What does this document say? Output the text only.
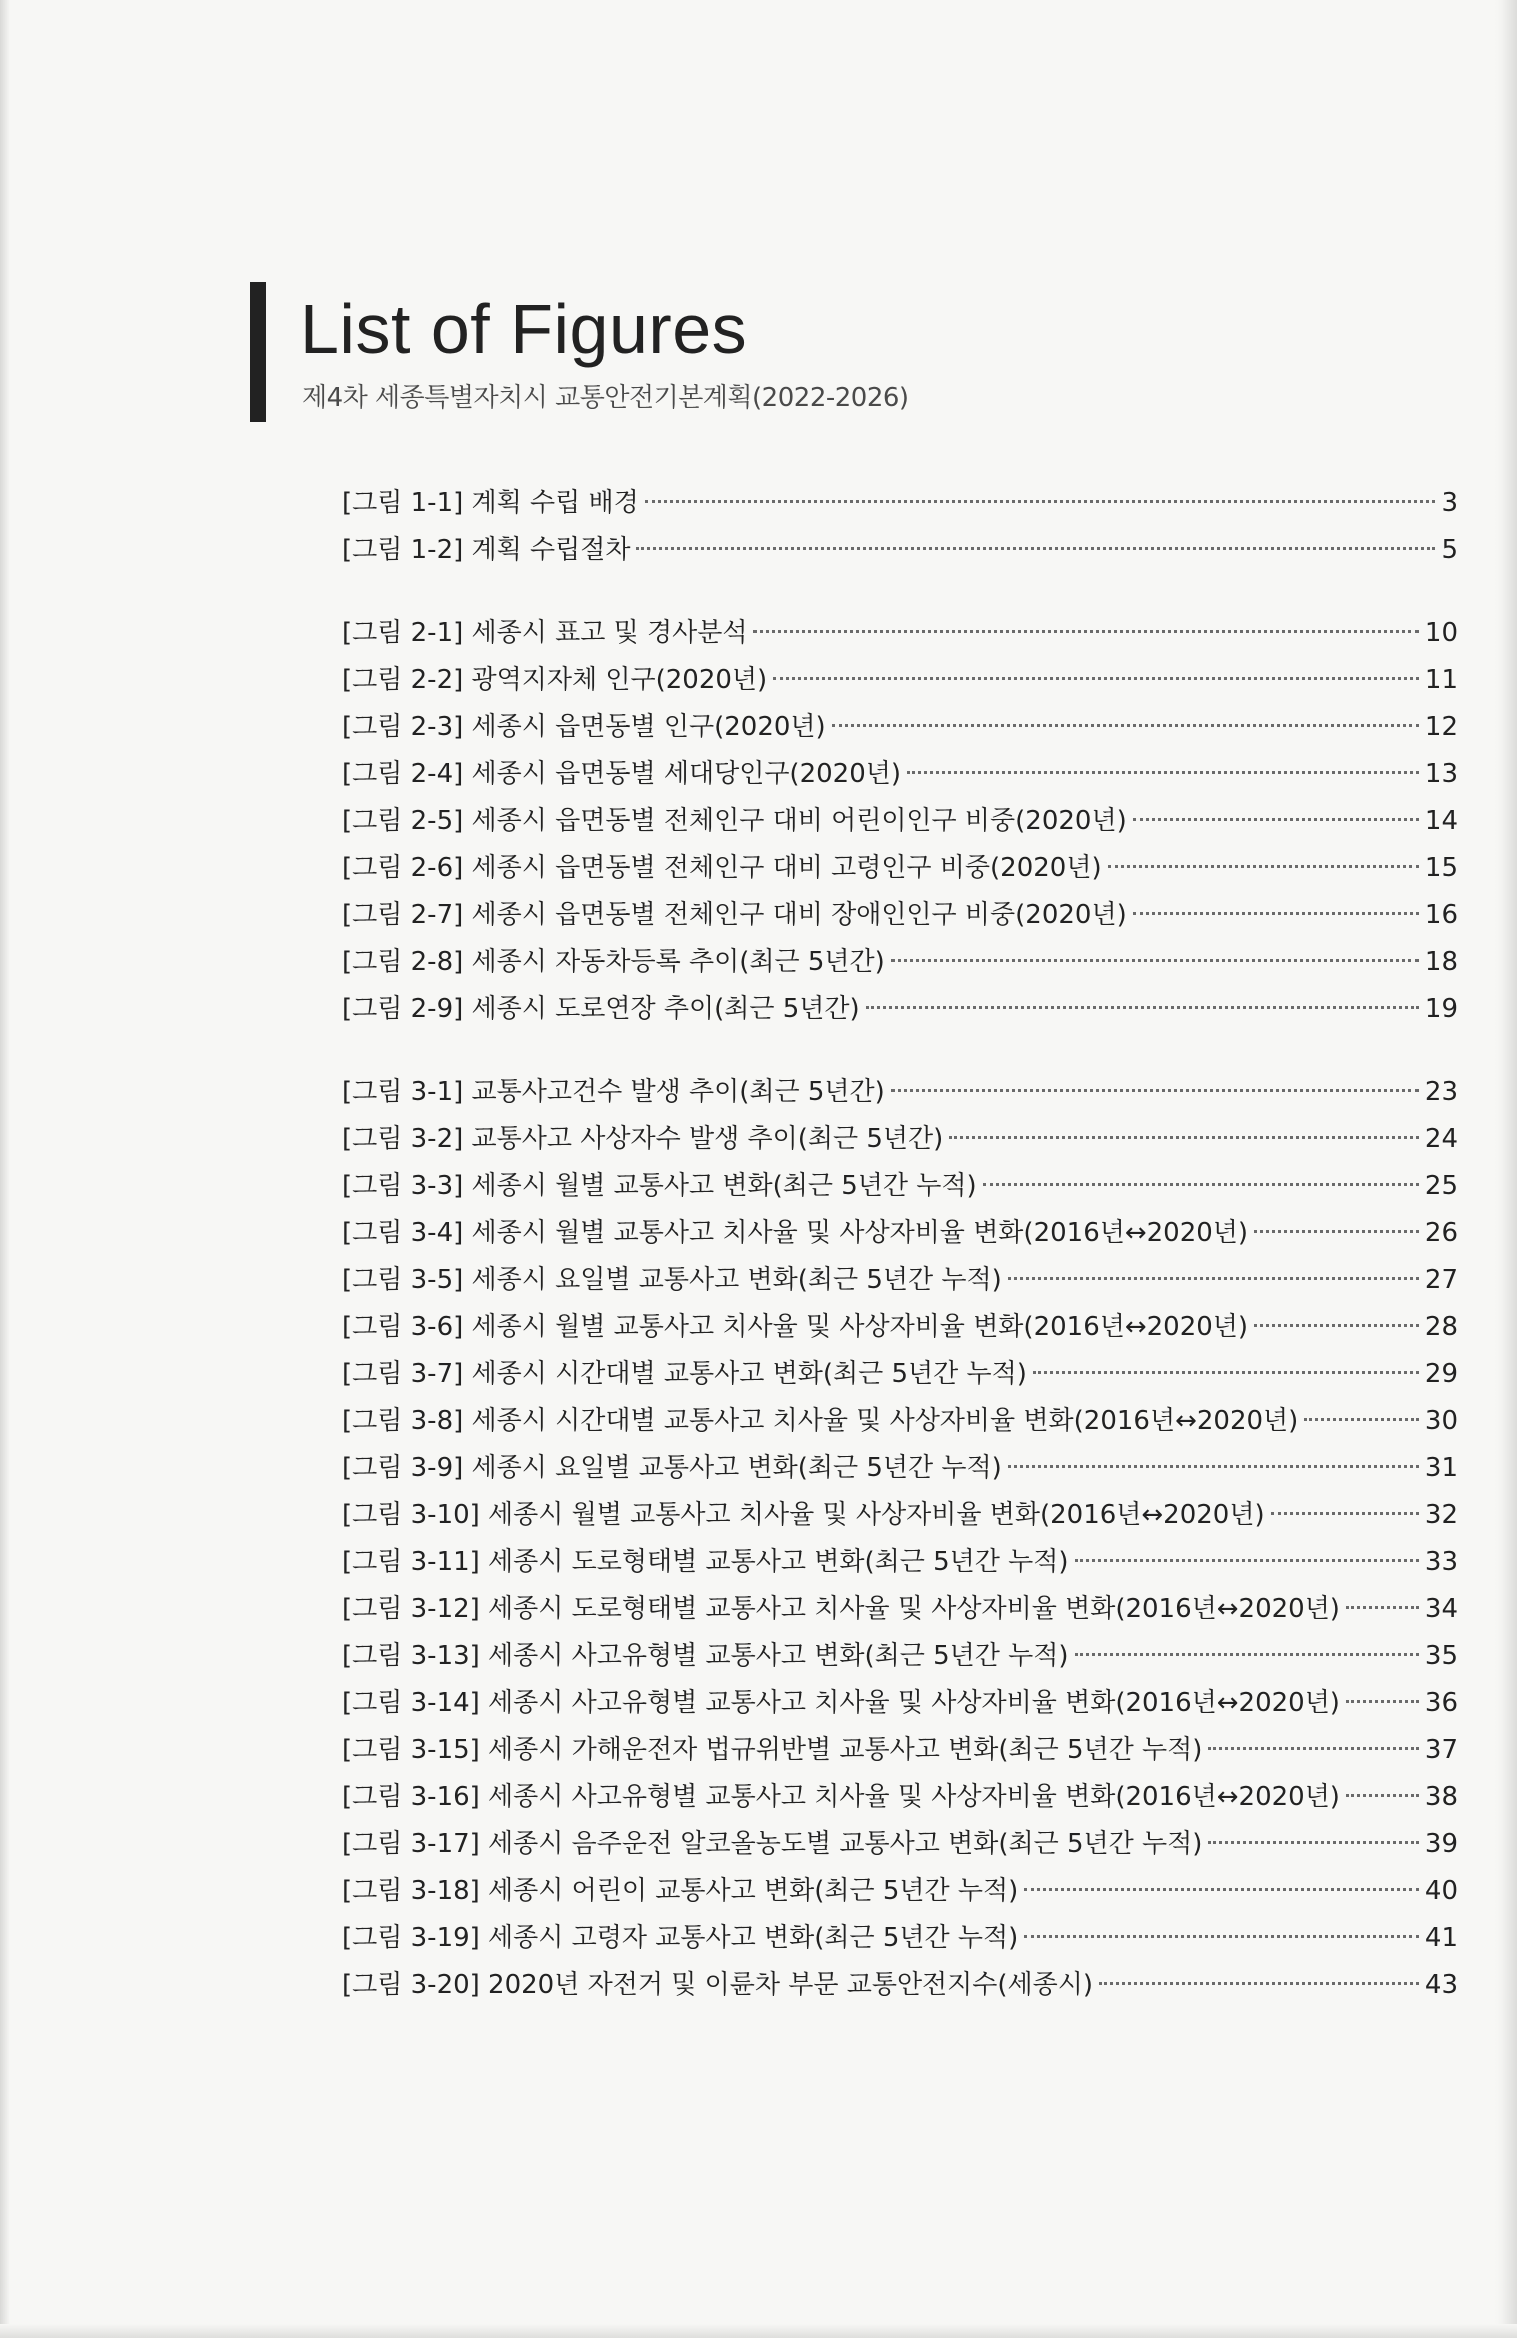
List of Figures
제4차 세종특별자치시 교통안전기본계획(2022-2026)
[그림 1-1] 계획 수립 배경	3
[그림 1-2] 계획 수립절차	5
[그림 2-1] 세종시 표고 및 경사분석	10
[그림 2-2] 광역지자체 인구(2020년)	11
[그림 2-3] 세종시 읍면동별 인구(2020년)	12
[그림 2-4] 세종시 읍면동별 세대당인구(2020년)	13
[그림 2-5] 세종시 읍면동별 전체인구 대비 어린이인구 비중(2020년)	14
[그림 2-6] 세종시 읍면동별 전체인구 대비 고령인구 비중(2020년)	15
[그림 2-7] 세종시 읍면동별 전체인구 대비 장애인인구 비중(2020년)	16
[그림 2-8] 세종시 자동차등록 추이(최근 5년간)	18
[그림 2-9] 세종시 도로연장 추이(최근 5년간)	19
[그림 3-1] 교통사고건수 발생 추이(최근 5년간)	23
[그림 3-2] 교통사고 사상자수 발생 추이(최근 5년간)	24
[그림 3-3] 세종시 월별 교통사고 변화(최근 5년간 누적)	25
[그림 3-4] 세종시 월별 교통사고 치사율 및 사상자비율 변화(2016년↔2020년)	26
[그림 3-5] 세종시 요일별 교통사고 변화(최근 5년간 누적)	27
[그림 3-6] 세종시 월별 교통사고 치사율 및 사상자비율 변화(2016년↔2020년)	28
[그림 3-7] 세종시 시간대별 교통사고 변화(최근 5년간 누적)	29
[그림 3-8] 세종시 시간대별 교통사고 치사율 및 사상자비율 변화(2016년↔2020년)	30
[그림 3-9] 세종시 요일별 교통사고 변화(최근 5년간 누적)	31
[그림 3-10] 세종시 월별 교통사고 치사율 및 사상자비율 변화(2016년↔2020년)	32
[그림 3-11] 세종시 도로형태별 교통사고 변화(최근 5년간 누적)	33
[그림 3-12] 세종시 도로형태별 교통사고 치사율 및 사상자비율 변화(2016년↔2020년)	34
[그림 3-13] 세종시 사고유형별 교통사고 변화(최근 5년간 누적)	35
[그림 3-14] 세종시 사고유형별 교통사고 치사율 및 사상자비율 변화(2016년↔2020년)	36
[그림 3-15] 세종시 가해운전자 법규위반별 교통사고 변화(최근 5년간 누적)	37
[그림 3-16] 세종시 사고유형별 교통사고 치사율 및 사상자비율 변화(2016년↔2020년)	38
[그림 3-17] 세종시 음주운전 알코올농도별 교통사고 변화(최근 5년간 누적)	39
[그림 3-18] 세종시 어린이 교통사고 변화(최근 5년간 누적)	40
[그림 3-19] 세종시 고령자 교통사고 변화(최근 5년간 누적)	41
[그림 3-20] 2020년 자전거 및 이륜차 부문 교통안전지수(세종시)	43
